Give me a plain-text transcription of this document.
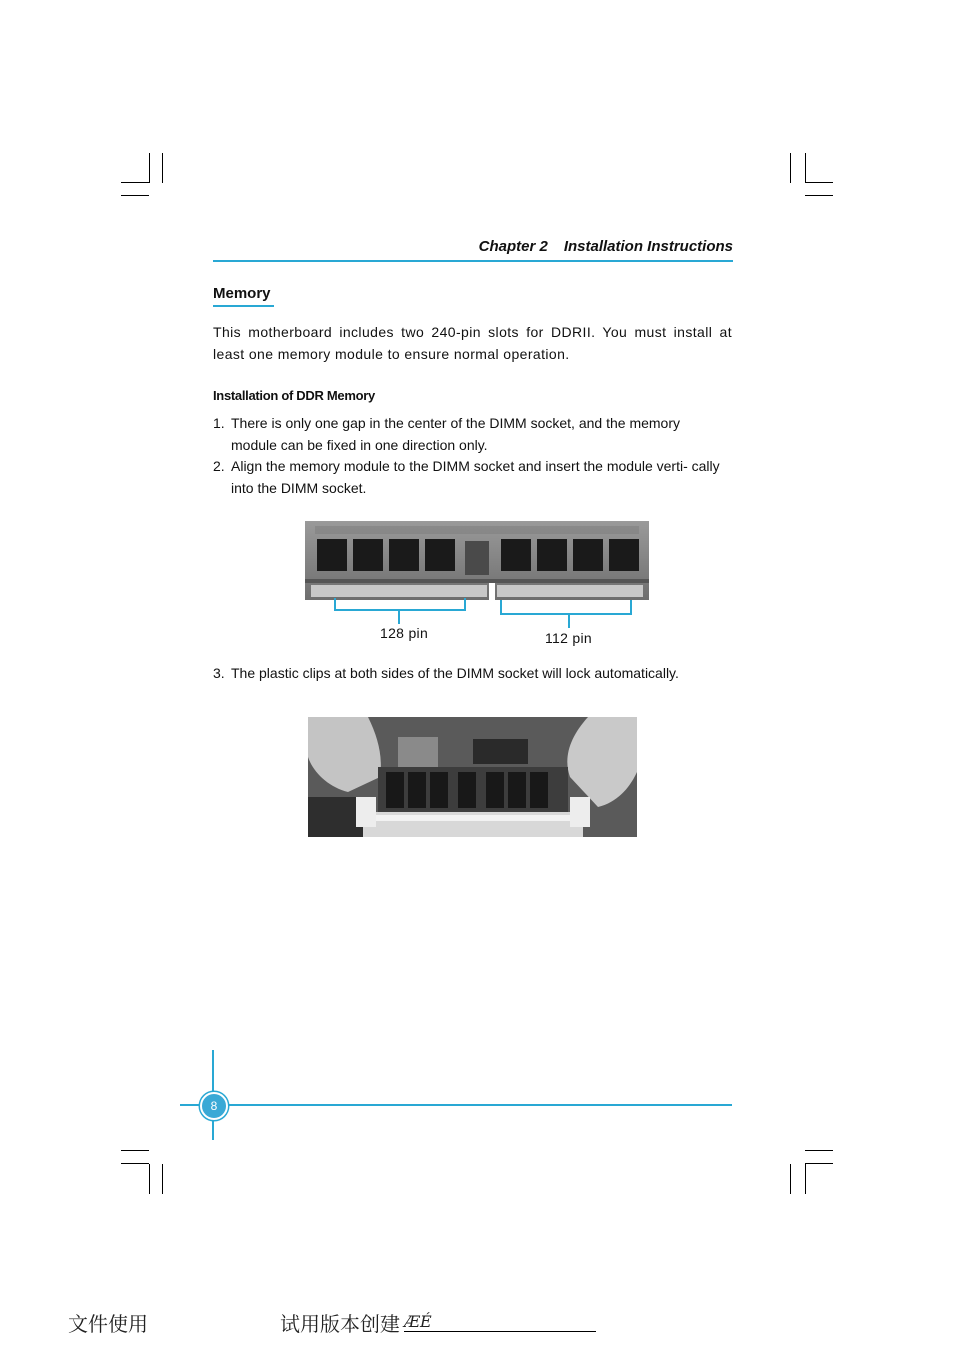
Chapter 2 Installation Instructions
Memory
This motherboard includes two 240-pin slots for DDRII. You must install at least one memory module to ensure normal operation.
Installation of DDR Memory
1. There is only one gap in the center of the DIMM socket, and the memory module can be fixed in one direction only.
2. Align the memory module to the DIMM socket and insert the module verti- cally into the DIMM socket.
128 pin	112 pin
3. The plastic clips at both sides of the DIMM socket will lock automatically.
8
文件使用	试用版本创建 ÆÉ
